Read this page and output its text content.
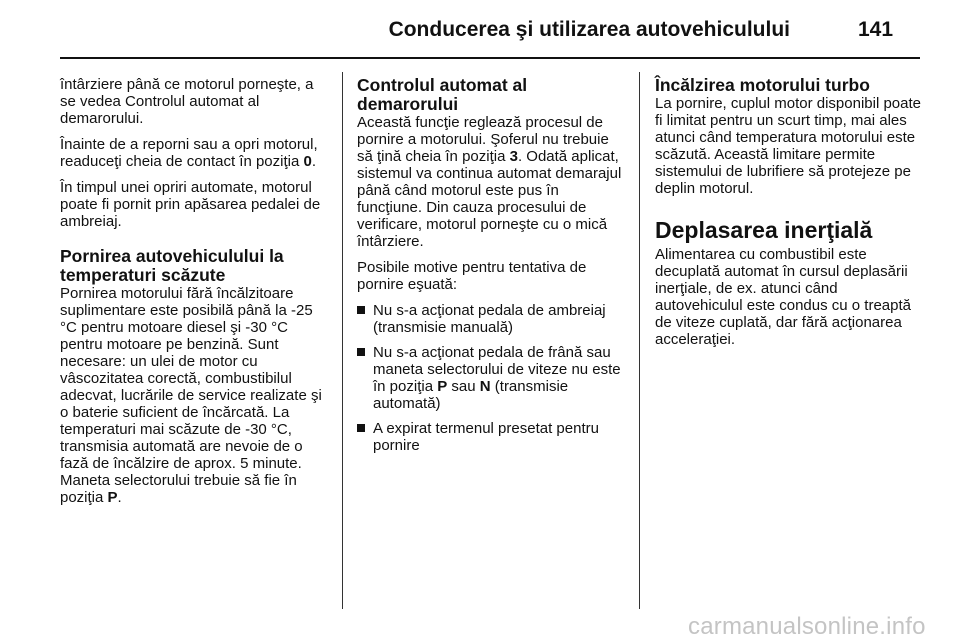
Conducerea şi utilizarea autovehiculului	141

întârziere până ce motorul porneşte, a se vedea Controlul automat al demarorului.

Înainte de a reporni sau a opri motorul, readuceţi cheia de contact în poziţia 0.

În timpul unei opriri automate, motorul poate fi pornit prin apăsarea pedalei de ambreiaj.

Pornirea autovehiculului la temperaturi scăzute

Pornirea motorului fără încălzitoare suplimentare este posibilă până la -25 °C pentru motoare diesel şi -30 °C pentru motoare pe benzină. Sunt necesare: un ulei de motor cu vâscozitatea corectă, combustibilul adecvat, lucrările de service realizate şi o baterie suficient de încărcată. La temperaturi mai scăzute de -30 °C, transmisia automată are nevoie de o fază de încălzire de aprox. 5 minute. Maneta selectorului trebuie să fie în poziţia P.

Controlul automat al demarorului

Această funcţie reglează procesul de pornire a motorului. Şoferul nu trebuie să ţină cheia în poziţia 3. Odată aplicat, sistemul va continua automat demarajul până când motorul este pus în funcţiune. Din cauza procesului de verificare, motorul porneşte cu o mică întârziere.

Posibile motive pentru tentativa de pornire eşuată:

Nu s-a acţionat pedala de ambreiaj (transmisie manuală)
Nu s-a acţionat pedala de frână sau maneta selectorului de viteze nu este în poziţia P sau N (transmisie automată)
A expirat termenul presetat pentru pornire
Încălzirea motorului turbo

La pornire, cuplul motor disponibil poate fi limitat pentru un scurt timp, mai ales atunci când temperatura motorului este scăzută. Această limitare permite sistemului de lubrifiere să protejeze pe deplin motorul.

Deplasarea inerţială

Alimentarea cu combustibil este decuplată automat în cursul deplasării inerţiale, de ex. atunci când autovehiculul este condus cu o treaptă de viteze cuplată, dar fără acţionarea acceleraţiei.

carmanualsonline.info
